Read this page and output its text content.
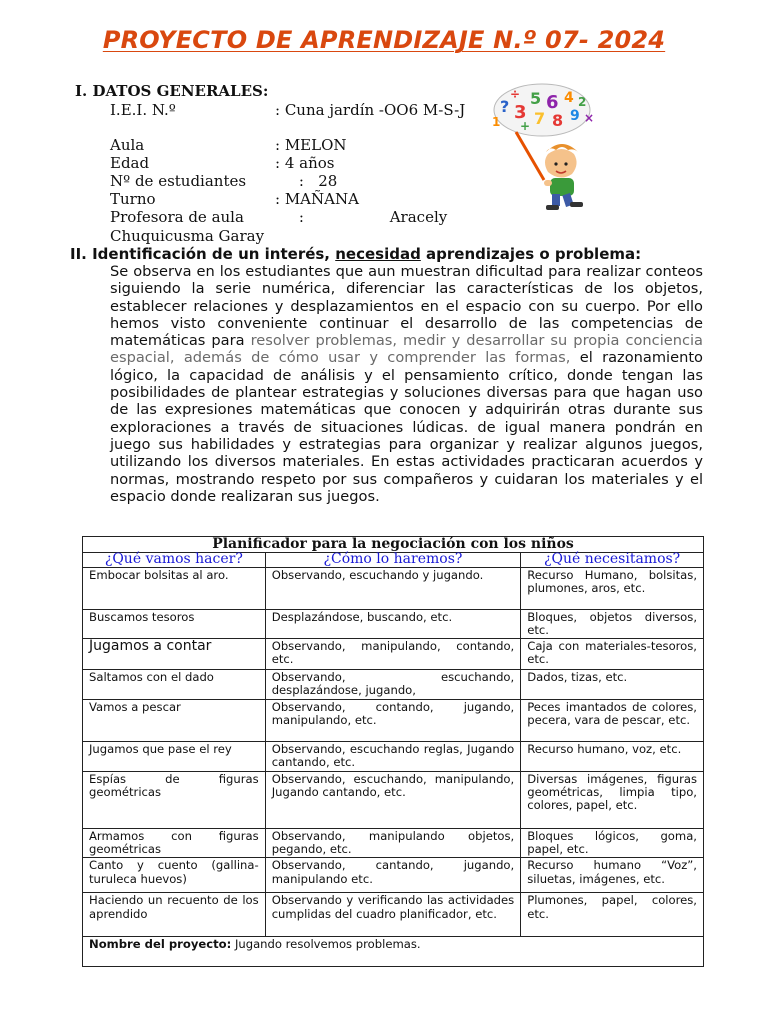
PROYECTO DE APRENDIZAJE N.º 07- 2024
I. DATOS GENERALES:
I.E.I. N.º	: Cuna jardín -OO6 M-S-J
Aula	: MELON
Edad	: 4 años
Nº de estudiantes     :   28
Turno	: MAÑANA
Profesora de aula     :                  Aracely
Chuquicusma Garay
? 3
5 6 4
7 8 9
2
+
×
÷
1
II. Identificación de un interés, necesidad aprendizajes o problema:
Se observa en los estudiantes que aun muestran dificultad para realizar conteos siguiendo la serie numérica, diferenciar las características de los objetos, establecer relaciones y desplazamientos en el espacio con su cuerpo. Por ello hemos visto conveniente continuar el desarrollo de las competencias de matemáticas para resolver problemas, medir y desarrollar su propia conciencia espacial, además de cómo usar y comprender las formas, el razonamiento lógico, la capacidad de análisis y el pensamiento crítico, donde tengan las posibilidades de plantear estrategias y soluciones diversas para que hagan uso de las expresiones matemáticas que conocen y adquirirán otras durante sus exploraciones a través de situaciones lúdicas. de igual manera pondrán en juego sus habilidades y estrategias para organizar y realizar algunos juegos, utilizando los diversos materiales. En estas actividades practicaran acuerdos y normas, mostrando respeto por sus compañeros y cuidaran los materiales y el espacio donde realizaran sus juegos.
Planificador para la negociación con los niños		
¿Qué vamos hacer?	¿Cómo lo haremos?	¿Qué necesitamos?
Embocar bolsitas al aro.	Observando, escuchando y jugando.	Recurso Humano, bolsitas, plumones, aros, etc.
Buscamos tesoros	Desplazándose, buscando, etc.	Bloques, objetos diversos, etc.
Jugamos a contar	Observando, manipulando, contando, etc.	Caja con materiales-tesoros, etc.
Saltamos con el dado	Observando, escuchando, desplazándose, jugando,	Dados, tizas, etc.
Vamos a pescar	Observando, contando, jugando, manipulando, etc.	Peces imantados de colores, pecera, vara de pescar, etc.
Jugamos que pase el rey	Observando, escuchando reglas, Jugando cantando, etc.	Recurso humano, voz, etc.
Espías de figuras geométricas	Observando, escuchando, manipulando, Jugando cantando, etc.	Diversas imágenes, figuras geométricas, limpia tipo, colores, papel, etc.
Armamos con figuras geométricas	Observando, manipulando objetos, pegando, etc.	Bloques lógicos, goma, papel, etc.
Canto y cuento (gallina-turuleca huevos)	Observando, cantando, jugando, manipulando etc.	Recurso humano “Voz”, siluetas, imágenes, etc.
Haciendo un recuento de los aprendido	Observando y verificando las actividades cumplidas del cuadro planificador, etc.	Plumones, papel, colores, etc.
Nombre del proyecto: Jugando resolvemos problemas.		
